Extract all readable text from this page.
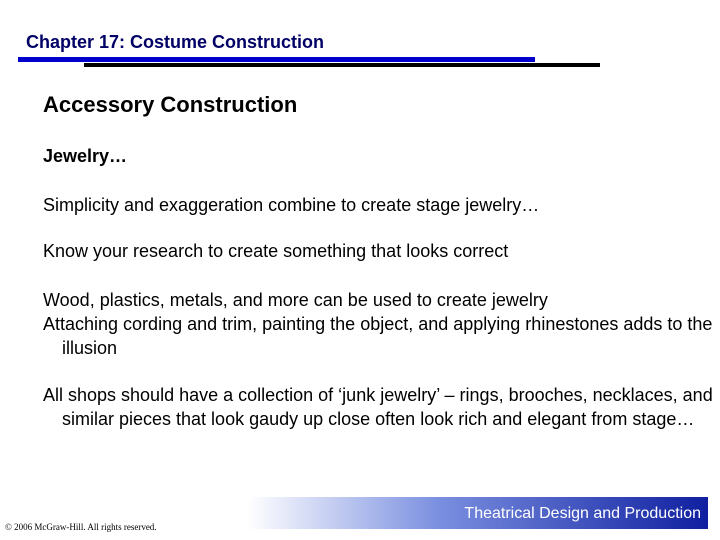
Chapter 17: Costume Construction
Accessory Construction
Jewelry…
Simplicity and exaggeration combine to create stage jewelry…
Know your research to create something that looks correct
Wood, plastics, metals, and more can be used to create jewelry
Attaching cording and trim, painting the object, and applying rhinestones adds to the illusion
All shops should have a collection of ‘junk jewelry’ – rings, brooches, necklaces, and similar pieces that look gaudy up close often look rich and elegant from stage…
Theatrical Design and Production
© 2006 McGraw-Hill. All rights reserved.
